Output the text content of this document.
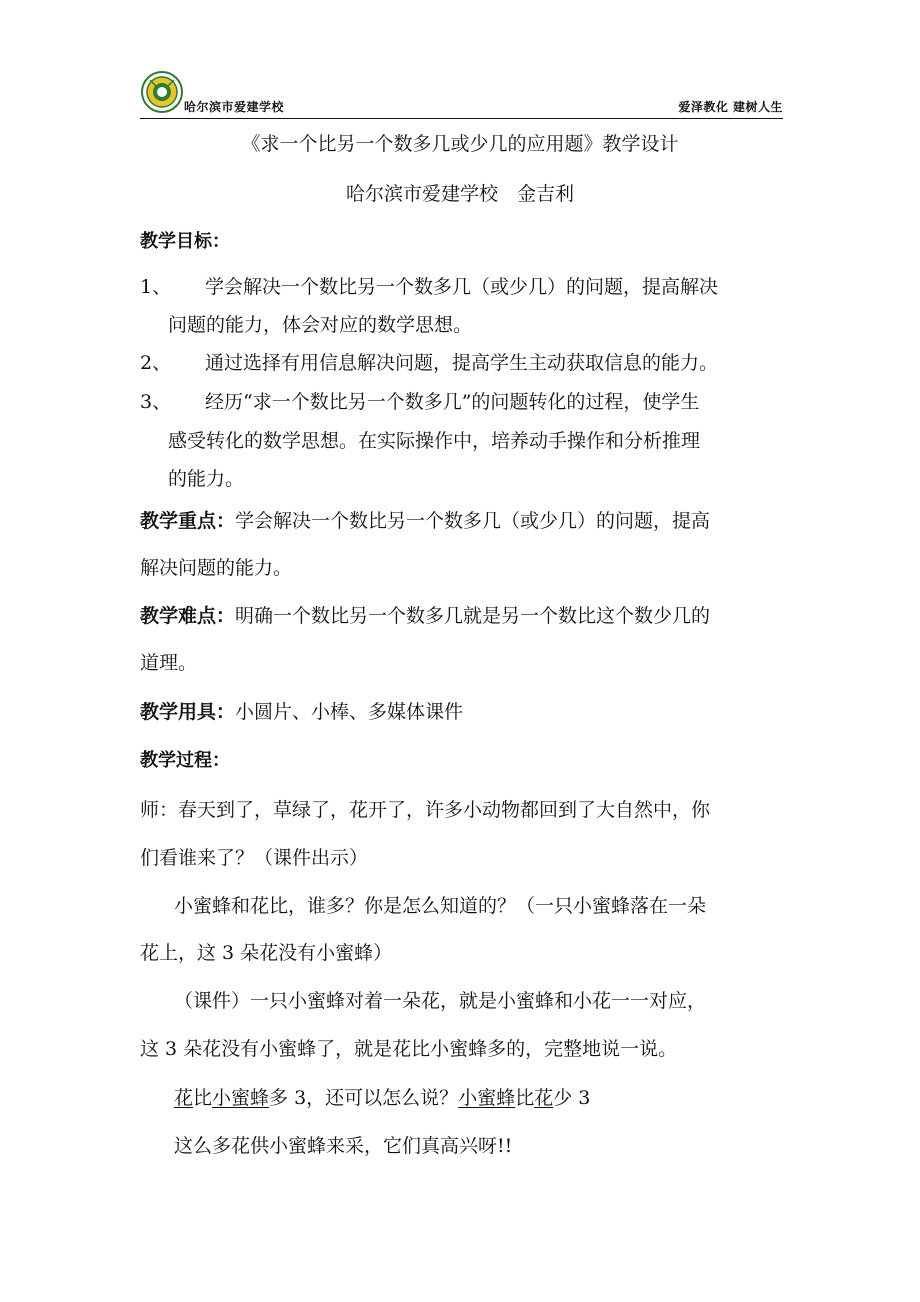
哈尔滨市爱建学校	爱泽教化 建树人生
《求一个比另一个数多几或少几的应用题》教学设计
哈尔滨市爱建学校　金吉利
教学目标：
1、 学会解决一个数比另一个数多几（或少几）的问题，提高解决
问题的能力，体会对应的数学思想。
2、 通过选择有用信息解决问题，提高学生主动获取信息的能力。
3、 经历“求一个数比另一个数多几”的问题转化的过程，使学生
感受转化的数学思想。在实际操作中，培养动手操作和分析推理
的能力。
教学重点：学会解决一个数比另一个数多几（或少几）的问题，提高
解决问题的能力。
教学难点：明确一个数比另一个数多几就是另一个数比这个数少几的
道理。
教学用具：小圆片、小棒、多媒体课件
教学过程：
师：春天到了，草绿了，花开了，许多小动物都回到了大自然中，你
们看谁来了？（课件出示）
小蜜蜂和花比，谁多？你是怎么知道的？（一只小蜜蜂落在一朵
花上，这 3 朵花没有小蜜蜂）
（课件）一只小蜜蜂对着一朵花，就是小蜜蜂和小花一一对应，
这 3 朵花没有小蜜蜂了，就是花比小蜜蜂多的，完整地说一说。
花比小蜜蜂多 3，还可以怎么说？小蜜蜂比花少 3
这么多花供小蜜蜂来采，它们真高兴呀!!
